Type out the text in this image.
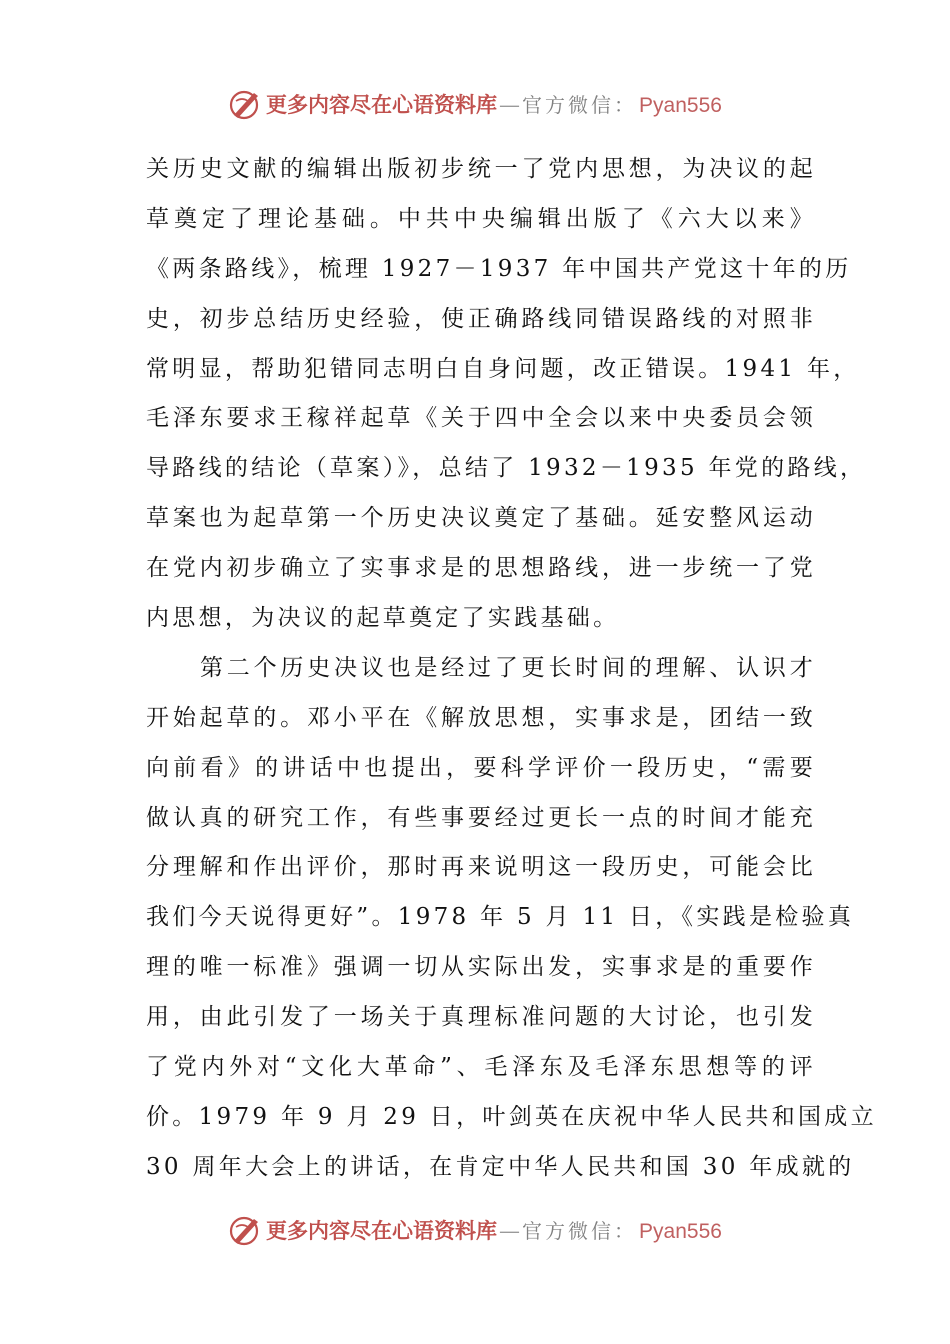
更多内容尽在心语资料库 — 官方微信： Pyan556
关历史文献的编辑出版初步统一了党内思想，为决议的起
草奠定了理论基础。中共中央编辑出版了《六大以来》
《两条路线》，梳理 1927－1937 年中国共产党这十年的历
史，初步总结历史经验，使正确路线同错误路线的对照非
常明显，帮助犯错同志明白自身问题，改正错误。1941 年，
毛泽东要求王稼祥起草《关于四中全会以来中央委员会领
导路线的结论（草案）》，总结了 1932－1935 年党的路线，
草案也为起草第一个历史决议奠定了基础。延安整风运动
在党内初步确立了实事求是的思想路线，进一步统一了党
内思想，为决议的起草奠定了实践基础。
第二个历史决议也是经过了更长时间的理解、认识才
开始起草的。邓小平在《解放思想，实事求是，团结一致
向前看》的讲话中也提出，要科学评价一段历史，“需要
做认真的研究工作，有些事要经过更长一点的时间才能充
分理解和作出评价，那时再来说明这一段历史，可能会比
我们今天说得更好”。1978 年 5 月 11 日，《实践是检验真
理的唯一标准》强调一切从实际出发，实事求是的重要作
用，由此引发了一场关于真理标准问题的大讨论，也引发
了党内外对“文化大革命”、毛泽东及毛泽东思想等的评
价。1979 年 9 月 29 日，叶剑英在庆祝中华人民共和国成立
30 周年大会上的讲话，在肯定中华人民共和国 30 年成就的
更多内容尽在心语资料库 — 官方微信： Pyan556
